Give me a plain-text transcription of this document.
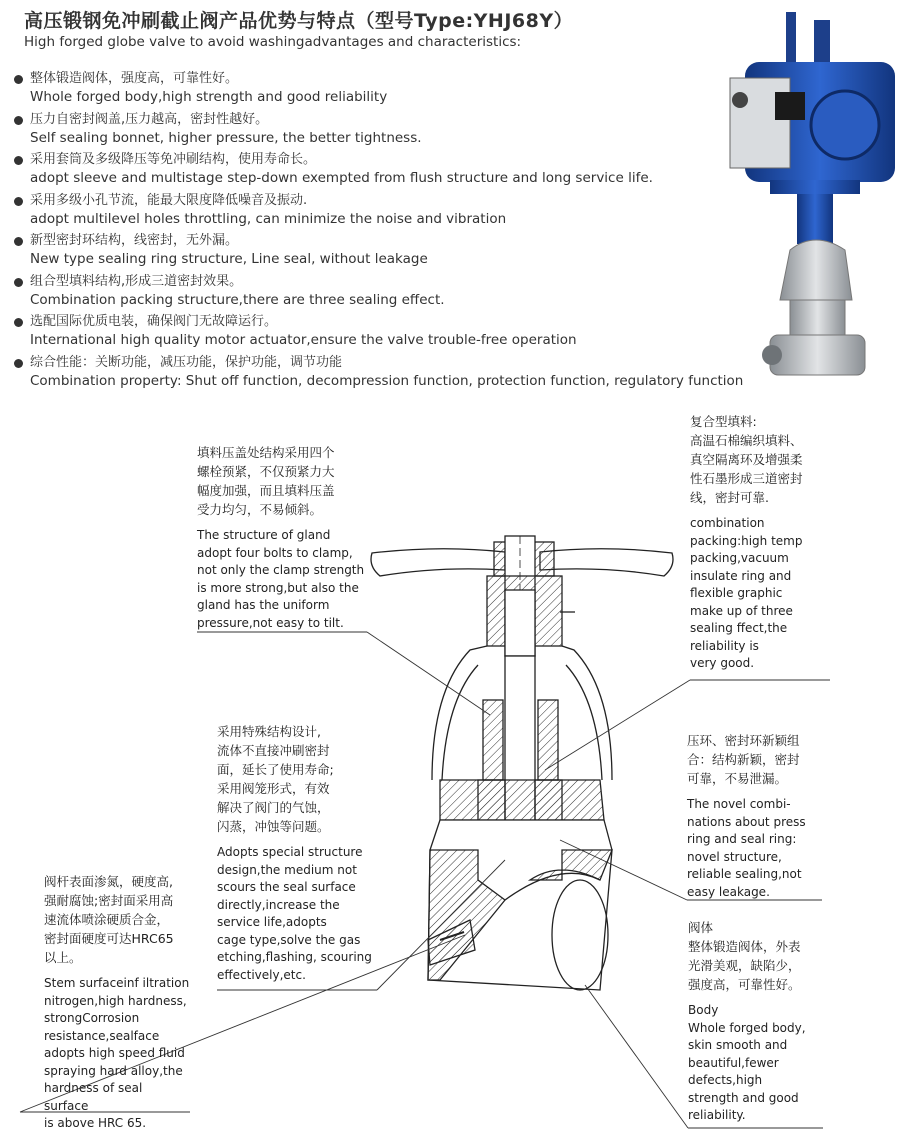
高压锻钢免冲刷截止阀产品优势与特点（型号Type:YHJ68Y）
High forged globe valve to avoid washingadvantages and characteristics:
整体锻造阀体，强度高，可靠性好。
Whole forged body,high strength and good reliability
压力自密封阀盖,压力越高，密封性越好。
Self sealing bonnet, higher pressure, the better tightness.
采用套筒及多级降压等免冲刷结构，使用寿命长。
adopt sleeve and multistage step-down exempted from flush structure and long service life.
采用多级小孔节流，能最大限度降低噪音及振动.
adopt multilevel holes throttling, can minimize the noise and vibration
新型密封环结构，线密封，无外漏。
New type sealing ring structure, Line seal, without leakage
组合型填料结构,形成三道密封效果。
Combination packing structure,there are three sealing effect.
选配国际优质电装，确保阀门无故障运行。
International high quality motor actuator,ensure the valve trouble-free operation
综合性能：关断功能，减压功能，保护功能，调节功能
Combination property: Shut off function, decompression function, protection function, regulatory function
填料压盖处结构采用四个
螺栓预紧，不仅预紧力大
幅度加强，而且填料压盖
受力均匀，不易倾斜。
The structure of gland
adopt four bolts to clamp,
not only the clamp strength
is more strong,but also the
gland has the uniform
pressure,not easy to tilt.
复合型填料:
高温石棉编织填料、
真空隔离环及增强柔
性石墨形成三道密封
线，密封可靠.
combination
packing:high temp
packing,vacuum
insulate ring and
flexible graphic
make up of three
sealing ffect,the
reliability is
very good.
采用特殊结构设计,
流体不直接冲刷密封
面，延长了使用寿命;
采用阀笼形式，有效
解决了阀门的气蚀，
闪蒸，冲蚀等问题。
Adopts special structure
design,the medium not
scours the seal surface
directly,increase the
service life,adopts
cage type,solve the gas
etching,flashing, scouring
effectively,etc.
压环、密封环新颖组
合：结构新颖，密封
可靠，不易泄漏。
The novel combi-
nations about press
ring and seal ring:
novel structure,
reliable sealing,not
easy leakage.
阀体
整体锻造阀体，外表
光滑美观，缺陷少，
强度高，可靠性好。
Body
Whole forged body,
skin smooth and
beautiful,fewer
defects,high
strength and good
reliability.
阀杆表面渗氮，硬度高,
强耐腐蚀;密封面采用高
速流体喷涂硬质合金，
密封面硬度可达HRC65
以上。
Stem surfaceinf iltration
nitrogen,high hardness,
strongCorrosion
resistance,sealface
adopts high speed fluid
spraying hard alloy,the
hardness of seal surface
is above HRC 65.
